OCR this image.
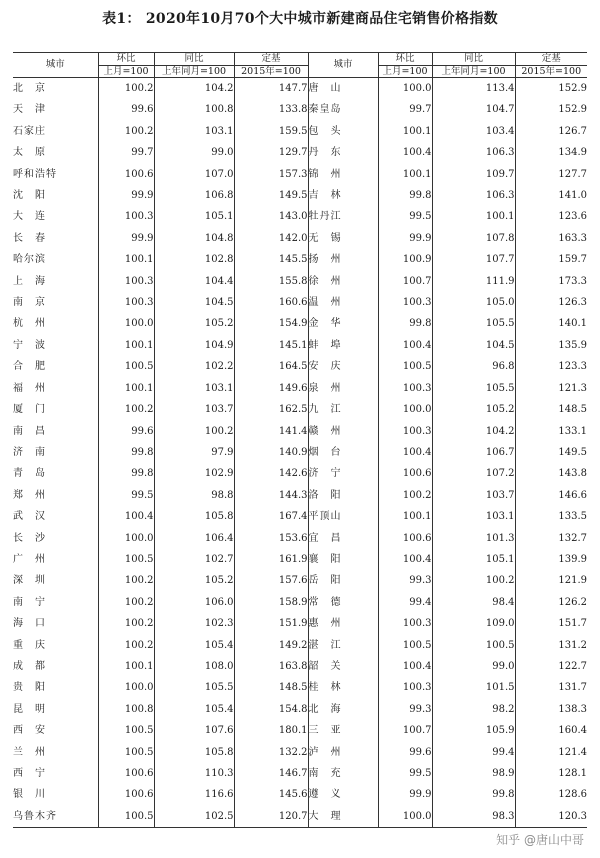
表1： 2020年10月70个大中城市新建商品住宅销售价格指数
城市	环比	同比	定基	城市	环比	同比	定基
	上月=100	上年同月=100	2015年=100		上月=100	上年同月=100	2015年=100
北　京	100.2	104.2	147.7	唐　山	100.0	113.4	152.9
天　津	99.6	100.8	133.8	秦皇岛	99.7	104.7	152.9
石家庄	100.2	103.1	159.5	包　头	100.1	103.4	126.7
太　原	99.7	99.0	129.7	丹　东	100.4	106.3	134.9
呼和浩特	100.6	107.0	157.3	锦　州	100.1	109.7	127.7
沈　阳	99.9	106.8	149.5	吉　林	99.8	106.3	141.0
大　连	100.3	105.1	143.0	牡丹江	99.5	100.1	123.6
长　春	99.9	104.8	142.0	无　锡	99.9	107.8	163.3
哈尔滨	100.1	102.8	145.5	扬　州	100.9	107.7	159.7
上　海	100.3	104.4	155.8	徐　州	100.7	111.9	173.3
南　京	100.3	104.5	160.6	温　州	100.3	105.0	126.3
杭　州	100.0	105.2	154.9	金　华	99.8	105.5	140.1
宁　波	100.1	104.9	145.1	蚌　埠	100.4	104.5	135.9
合　肥	100.5	102.2	164.5	安　庆	100.5	96.8	123.3
福　州	100.1	103.1	149.6	泉　州	100.3	105.5	121.3
厦　门	100.2	103.7	162.5	九　江	100.0	105.2	148.5
南　昌	99.6	100.2	141.4	赣　州	100.3	104.2	133.1
济　南	99.8	97.9	140.9	烟　台	100.4	106.7	149.5
青　岛	99.8	102.9	142.6	济　宁	100.6	107.2	143.8
郑　州	99.5	98.8	144.3	洛　阳	100.2	103.7	146.6
武　汉	100.4	105.8	167.4	平顶山	100.1	103.1	133.5
长　沙	100.0	106.4	153.6	宜　昌	100.6	101.3	132.7
广　州	100.5	102.7	161.9	襄　阳	100.4	105.1	139.9
深　圳	100.2	105.2	157.6	岳　阳	99.3	100.2	121.9
南　宁	100.2	106.0	158.9	常　德	99.4	98.4	126.2
海　口	100.2	102.3	151.9	惠　州	100.3	109.0	151.7
重　庆	100.2	105.4	149.2	湛　江	100.5	100.5	131.2
成　都	100.1	108.0	163.8	韶　关	100.4	99.0	122.7
贵　阳	100.0	105.5	148.5	桂　林	100.3	101.5	131.7
昆　明	100.8	105.4	154.8	北　海	99.3	98.2	138.3
西　安	100.5	107.6	180.1	三　亚	100.7	105.9	160.4
兰　州	100.5	105.8	132.2	泸　州	99.6	99.4	121.4
西　宁	100.6	110.3	146.7	南　充	99.5	98.9	128.1
银　川	100.6	116.6	145.6	遵　义	99.9	99.8	128.6
乌鲁木齐	100.5	102.5	120.7	大　理	100.0	98.3	120.3
知乎 @唐山中哥
